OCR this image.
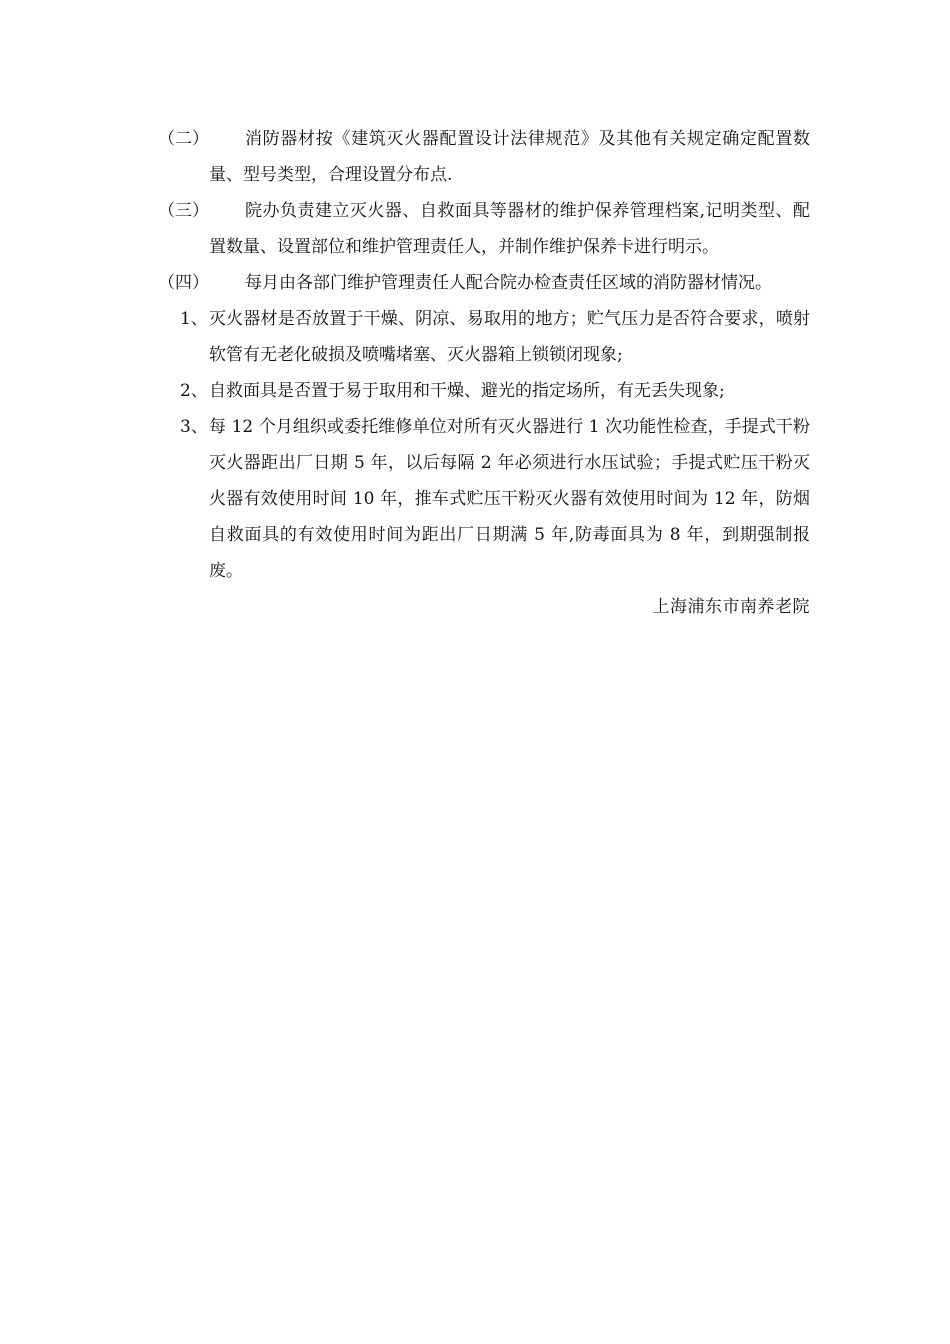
（二）	消防器材按《建筑灭火器配置设计法律规范》及其他有关规定确定配置数量、型号类型，合理设置分布点.
（三）	院办负责建立灭火器、自救面具等器材的维护保养管理档案,记明类型、配置数量、设置部位和维护管理责任人，并制作维护保养卡进行明示。
（四）	每月由各部门维护管理责任人配合院办检查责任区域的消防器材情况。
1、 灭火器材是否放置于干燥、阴凉、易取用的地方；贮气压力是否符合要求，喷射软管有无老化破损及喷嘴堵塞、灭火器箱上锁锁闭现象;
2、 自救面具是否置于易于取用和干燥、避光的指定场所，有无丢失现象;
3、 每 12 个月组织或委托维修单位对所有灭火器进行 1 次功能性检查，手提式干粉灭火器距出厂日期 5 年，以后每隔 2 年必须进行水压试验；手提式贮压干粉灭火器有效使用时间 10 年，推车式贮压干粉灭火器有效使用时间为 12 年，防烟自救面具的有效使用时间为距出厂日期满 5 年,防毒面具为 8 年，到期强制报废。
上海浦东市南养老院
